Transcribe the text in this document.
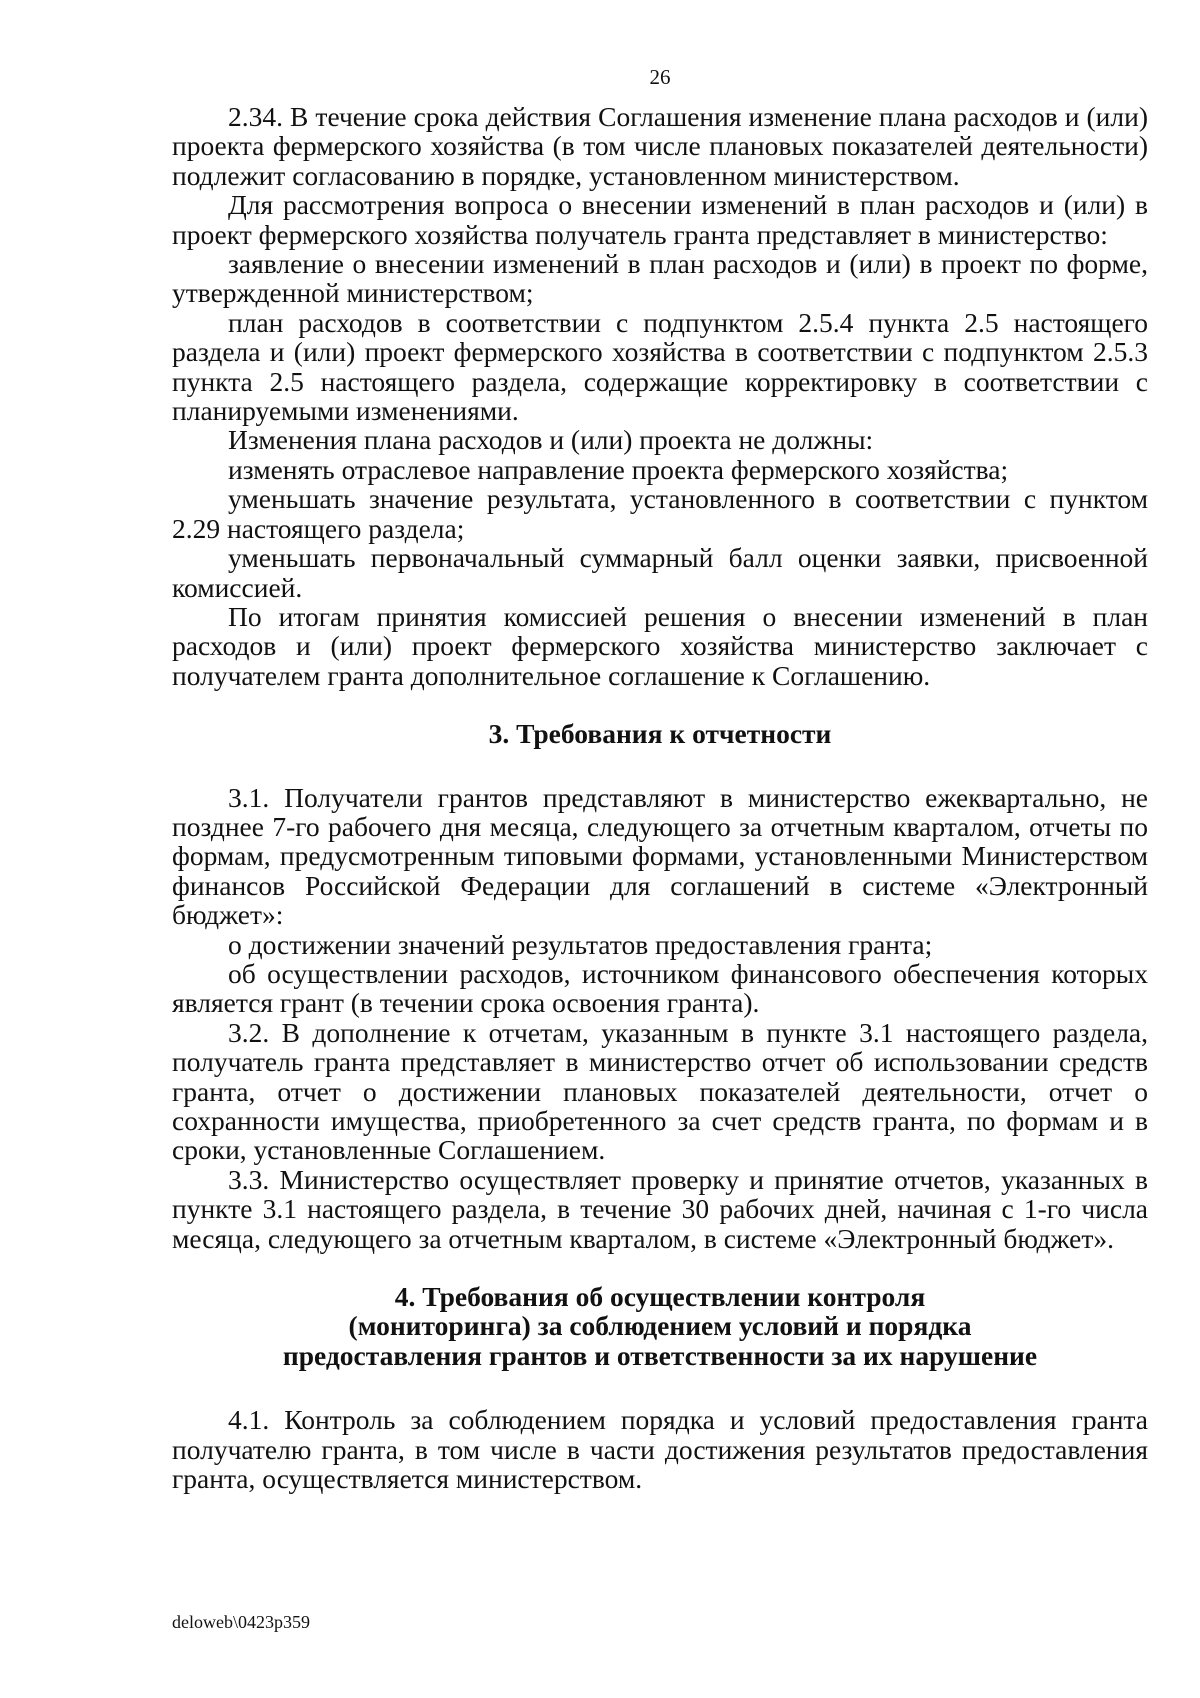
26

2.34. В течение срока действия Соглашения изменение плана расходов и (или) проекта фермерского хозяйства (в том числе плановых показателей деятельности) подлежит согласованию в порядке, установленном министерством.

Для рассмотрения вопроса о внесении изменений в план расходов и (или) в проект фермерского хозяйства получатель гранта представляет в министерство:

заявление о внесении изменений в план расходов и (или) в проект по форме, утвержденной министерством;

план расходов в соответствии с подпунктом 2.5.4 пункта 2.5 настоящего раздела и (или) проект фермерского хозяйства в соответствии с подпунктом 2.5.3 пункта 2.5 настоящего раздела, содержащие корректировку в соответствии с планируемыми изменениями.

Изменения плана расходов и (или) проекта не должны:

изменять отраслевое направление проекта фермерского хозяйства;

уменьшать значение результата, установленного в соответствии с пунктом 2.29 настоящего раздела;

уменьшать первоначальный суммарный балл оценки заявки, присвоенной комиссией.

По итогам принятия комиссией решения о внесении изменений в план расходов и (или) проект фермерского хозяйства министерство заключает с получателем гранта дополнительное соглашение к Соглашению.

3. Требования к отчетности

3.1. Получатели грантов представляют в министерство ежеквартально, не позднее 7-го рабочего дня месяца, следующего за отчетным кварталом, отчеты по формам, предусмотренным типовыми формами, установленными Министерством финансов Российской Федерации для соглашений в системе «Электронный бюджет»:

о достижении значений результатов предоставления гранта;

об осуществлении расходов, источником финансового обеспечения которых является грант (в течении срока освоения гранта).

3.2. В дополнение к отчетам, указанным в пункте 3.1 настоящего раздела, получатель гранта представляет в министерство отчет об использовании средств гранта, отчет о достижении плановых показателей деятельности, отчет о сохранности имущества, приобретенного за счет средств гранта, по формам и в сроки, установленные Соглашением.

3.3. Министерство осуществляет проверку и принятие отчетов, указанных в пункте 3.1 настоящего раздела, в течение 30 рабочих дней, начиная с 1-го числа месяца, следующего за отчетным кварталом, в системе «Электронный бюджет».

4. Требования об осуществлении контроля
(мониторинга) за соблюдением условий и порядка
предоставления грантов и ответственности за их нарушение

4.1. Контроль за соблюдением порядка и условий предоставления гранта получателю гранта, в том числе в части достижения результатов предоставления гранта, осуществляется министерством.

deloweb\0423p359
